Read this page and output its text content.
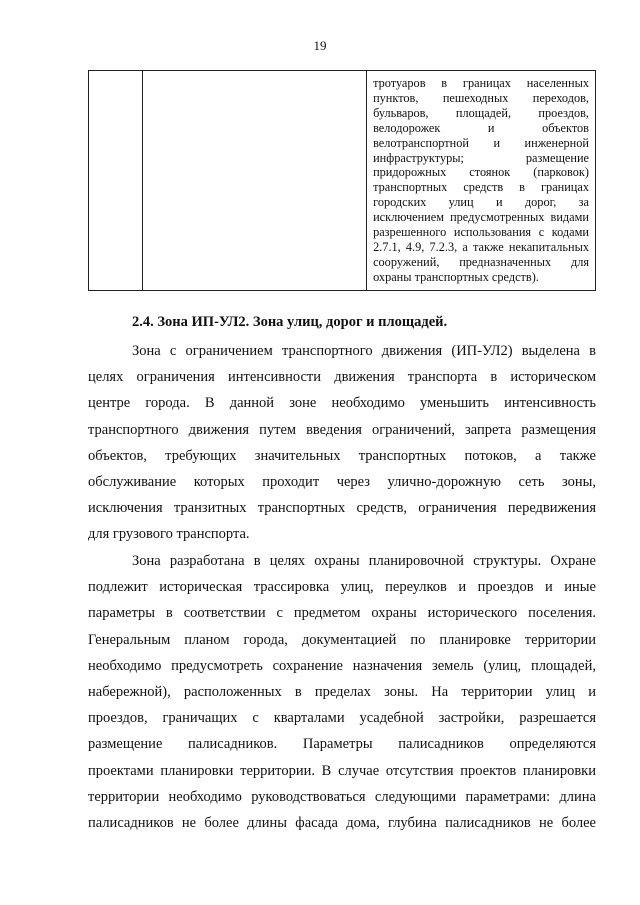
19

тротуаров в границах населенных
пунктов, пешеходных переходов,
бульваров, площадей, проездов,
велодорожек и объектов
велотранспортной и инженерной
инфраструктуры; размещение
придорожных стоянок (парковок)
транспортных средств в границах
городских улиц и дорог, за
исключением предусмотренных видами
разрешенного использования с кодами
2.7.1, 4.9, 7.2.3, а также некапитальных
сооружений, предназначенных для
охраны транспортных средств).
2.4. Зона ИП-УЛ2. Зона улиц, дорог и площадей.
Зона с ограничением транспортного движения (ИП-УЛ2) выделена в
целях ограничения интенсивности движения транспорта в историческом
центре города. В данной зоне необходимо уменьшить интенсивность
транспортного движения путем введения ограничений, запрета размещения
объектов, требующих значительных транспортных потоков, а также
обслуживание которых проходит через улично-дорожную сеть зоны,
исключения транзитных транспортных средств, ограничения передвижения
для грузового транспорта.
Зона разработана в целях охраны планировочной структуры. Охране
подлежит историческая трассировка улиц, переулков и проездов и иные
параметры в соответствии с предметом охраны исторического поселения.
Генеральным планом города, документацией по планировке территории
необходимо предусмотреть сохранение назначения земель (улиц, площадей,
набережной), расположенных в пределах зоны. На территории улиц и
проездов, граничащих с кварталами усадебной застройки, разрешается
размещение палисадников. Параметры палисадников определяются
проектами планировки территории. В случае отсутствия проектов планировки
территории необходимо руководствоваться следующими параметрами: длина
палисадников не более длины фасада дома, глубина палисадников не более
